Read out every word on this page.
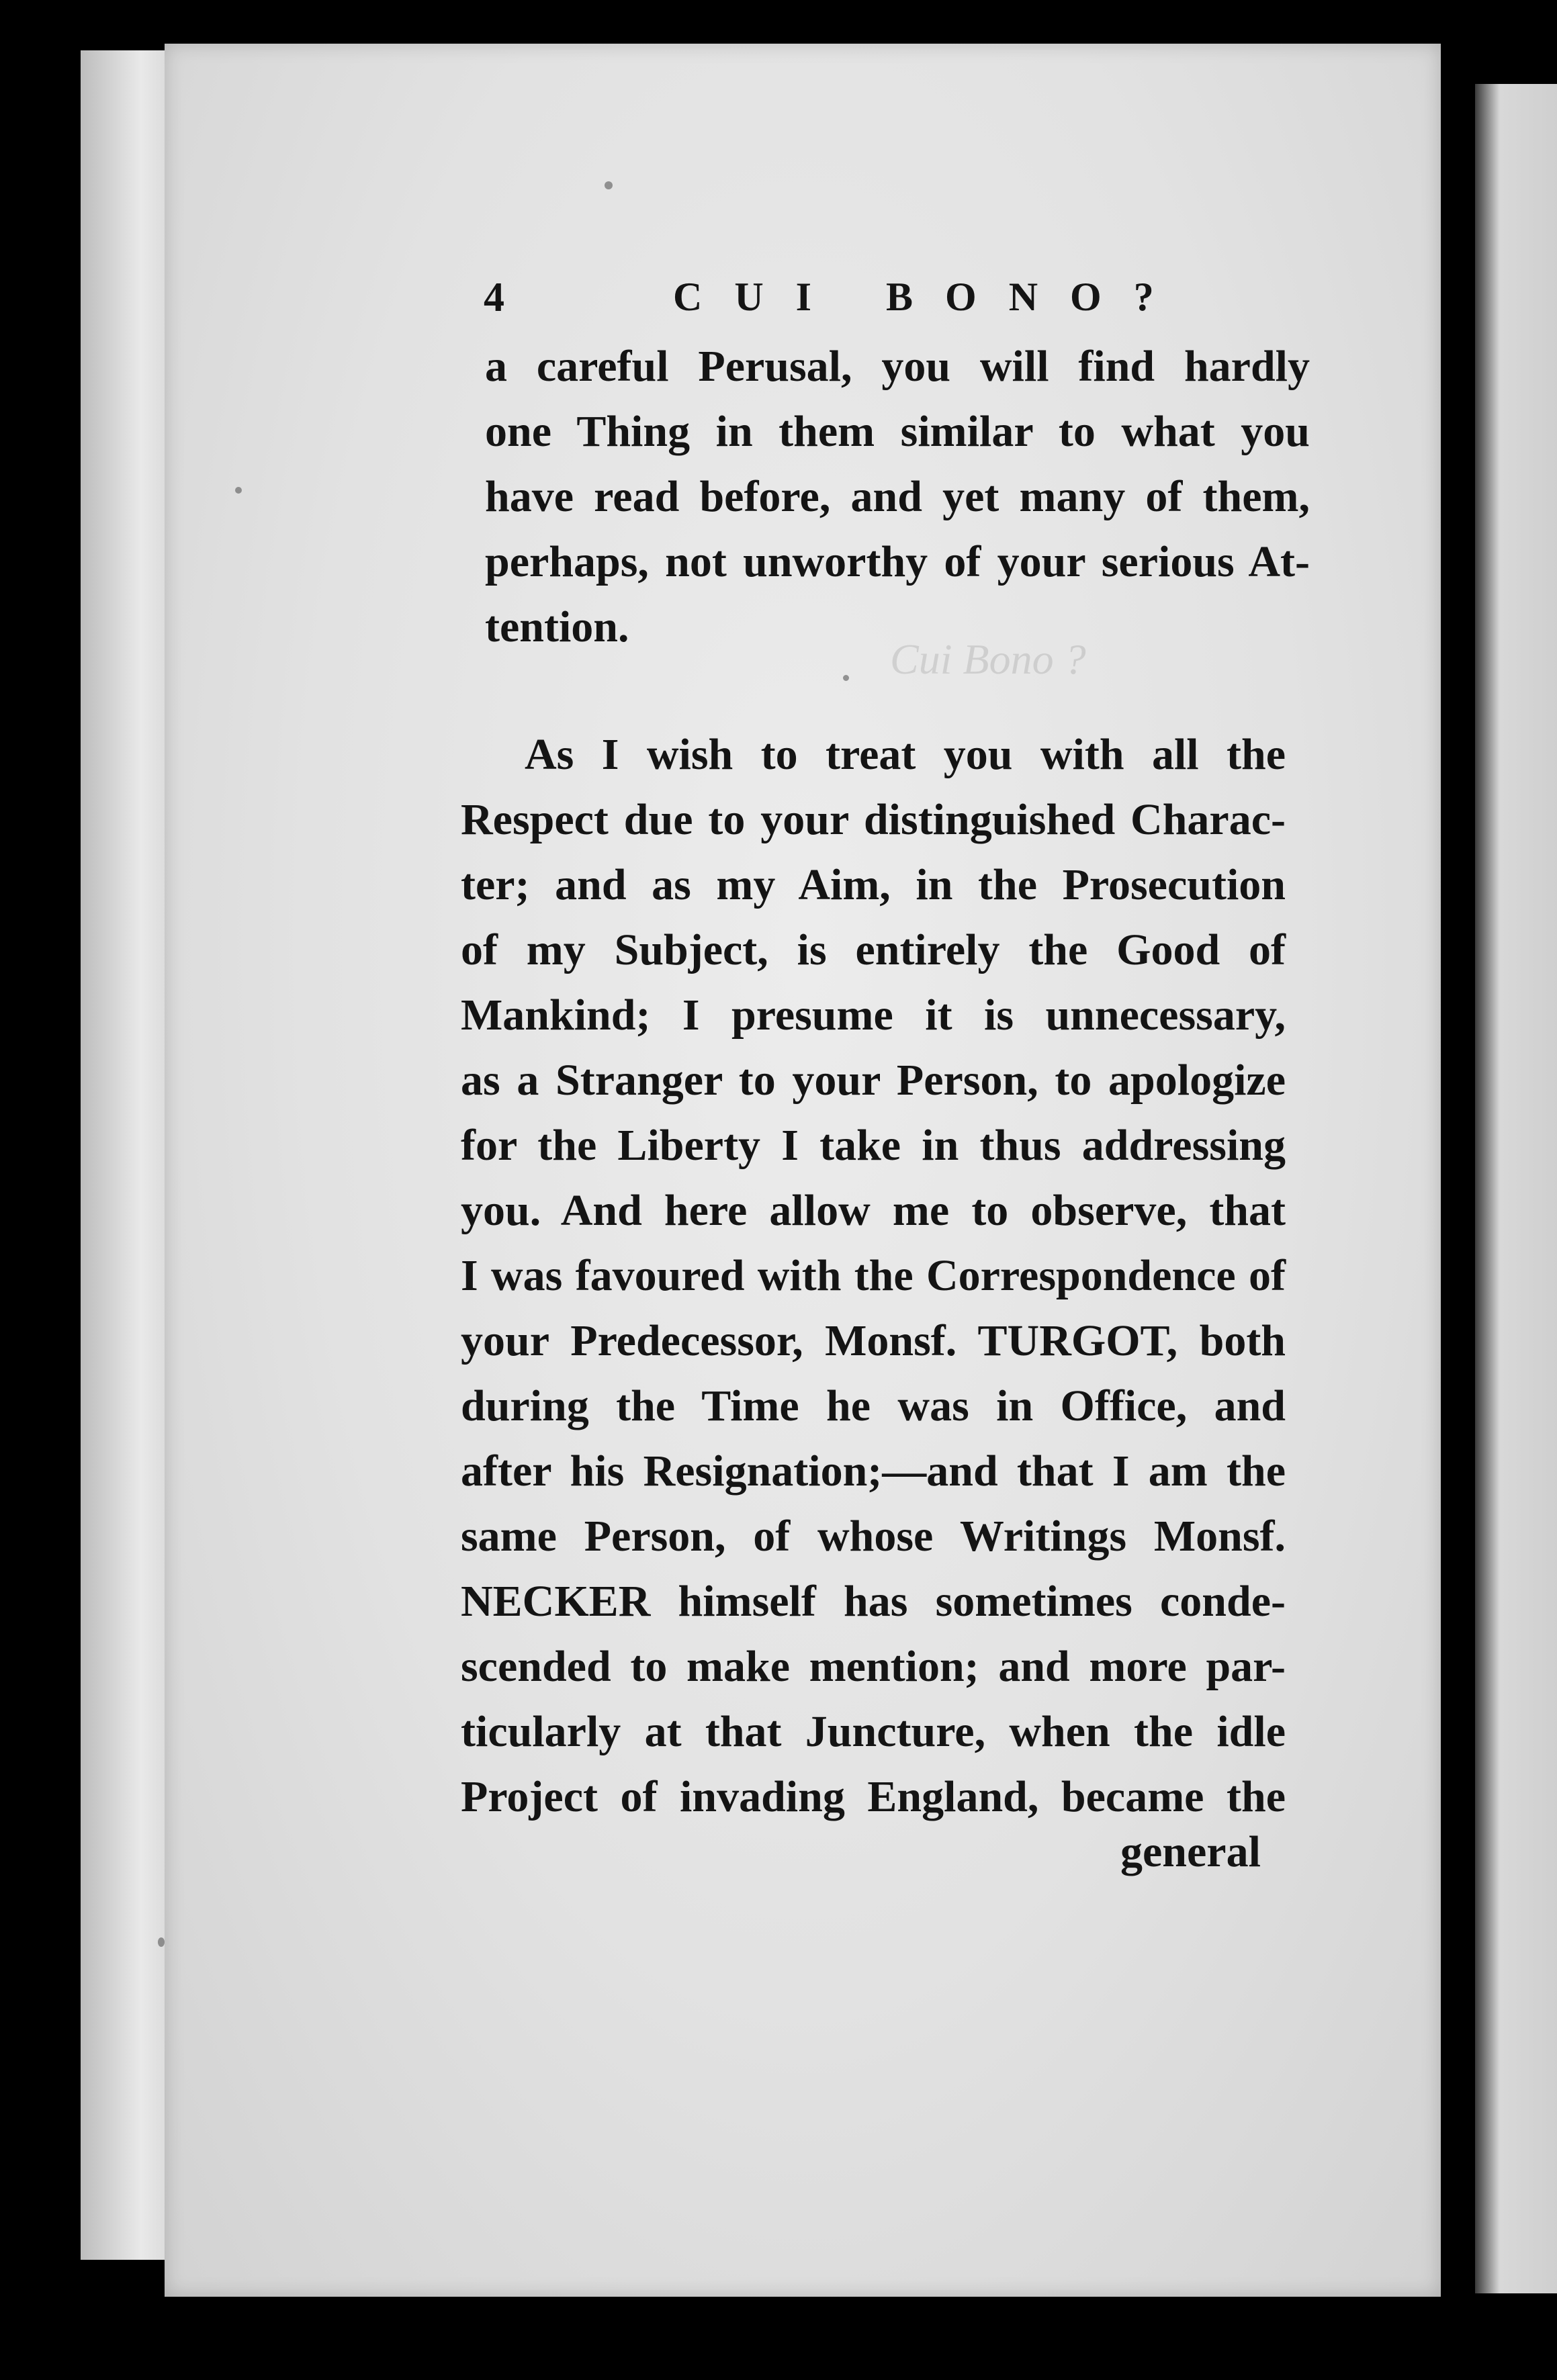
Cui Bono ?
4	CUI BONO?
a careful Perusal, you will find hardly
one Thing in them similar to what you
have read before, and yet many of them,
perhaps, not unworthy of your serious At-
tention.
As I wish to treat you with all the
Respect due to your distinguished Charac-
ter; and as my Aim, in the Prosecution
of my Subject, is entirely the Good of
Mankind; I presume it is unnecessary,
as a Stranger to your Person, to apologize
for the Liberty I take in thus addressing
you. And here allow me to observe, that
I was favoured with the Correspondence of
your Predecessor, Monsf. TURGOT, both
during the Time he was in Office, and
after his Resignation;—and that I am the
same Person, of whose Writings Monsf.
NECKER himself has sometimes conde-
scended to make mention; and more par-
ticularly at that Juncture, when the idle
Project of invading England, became the
general
